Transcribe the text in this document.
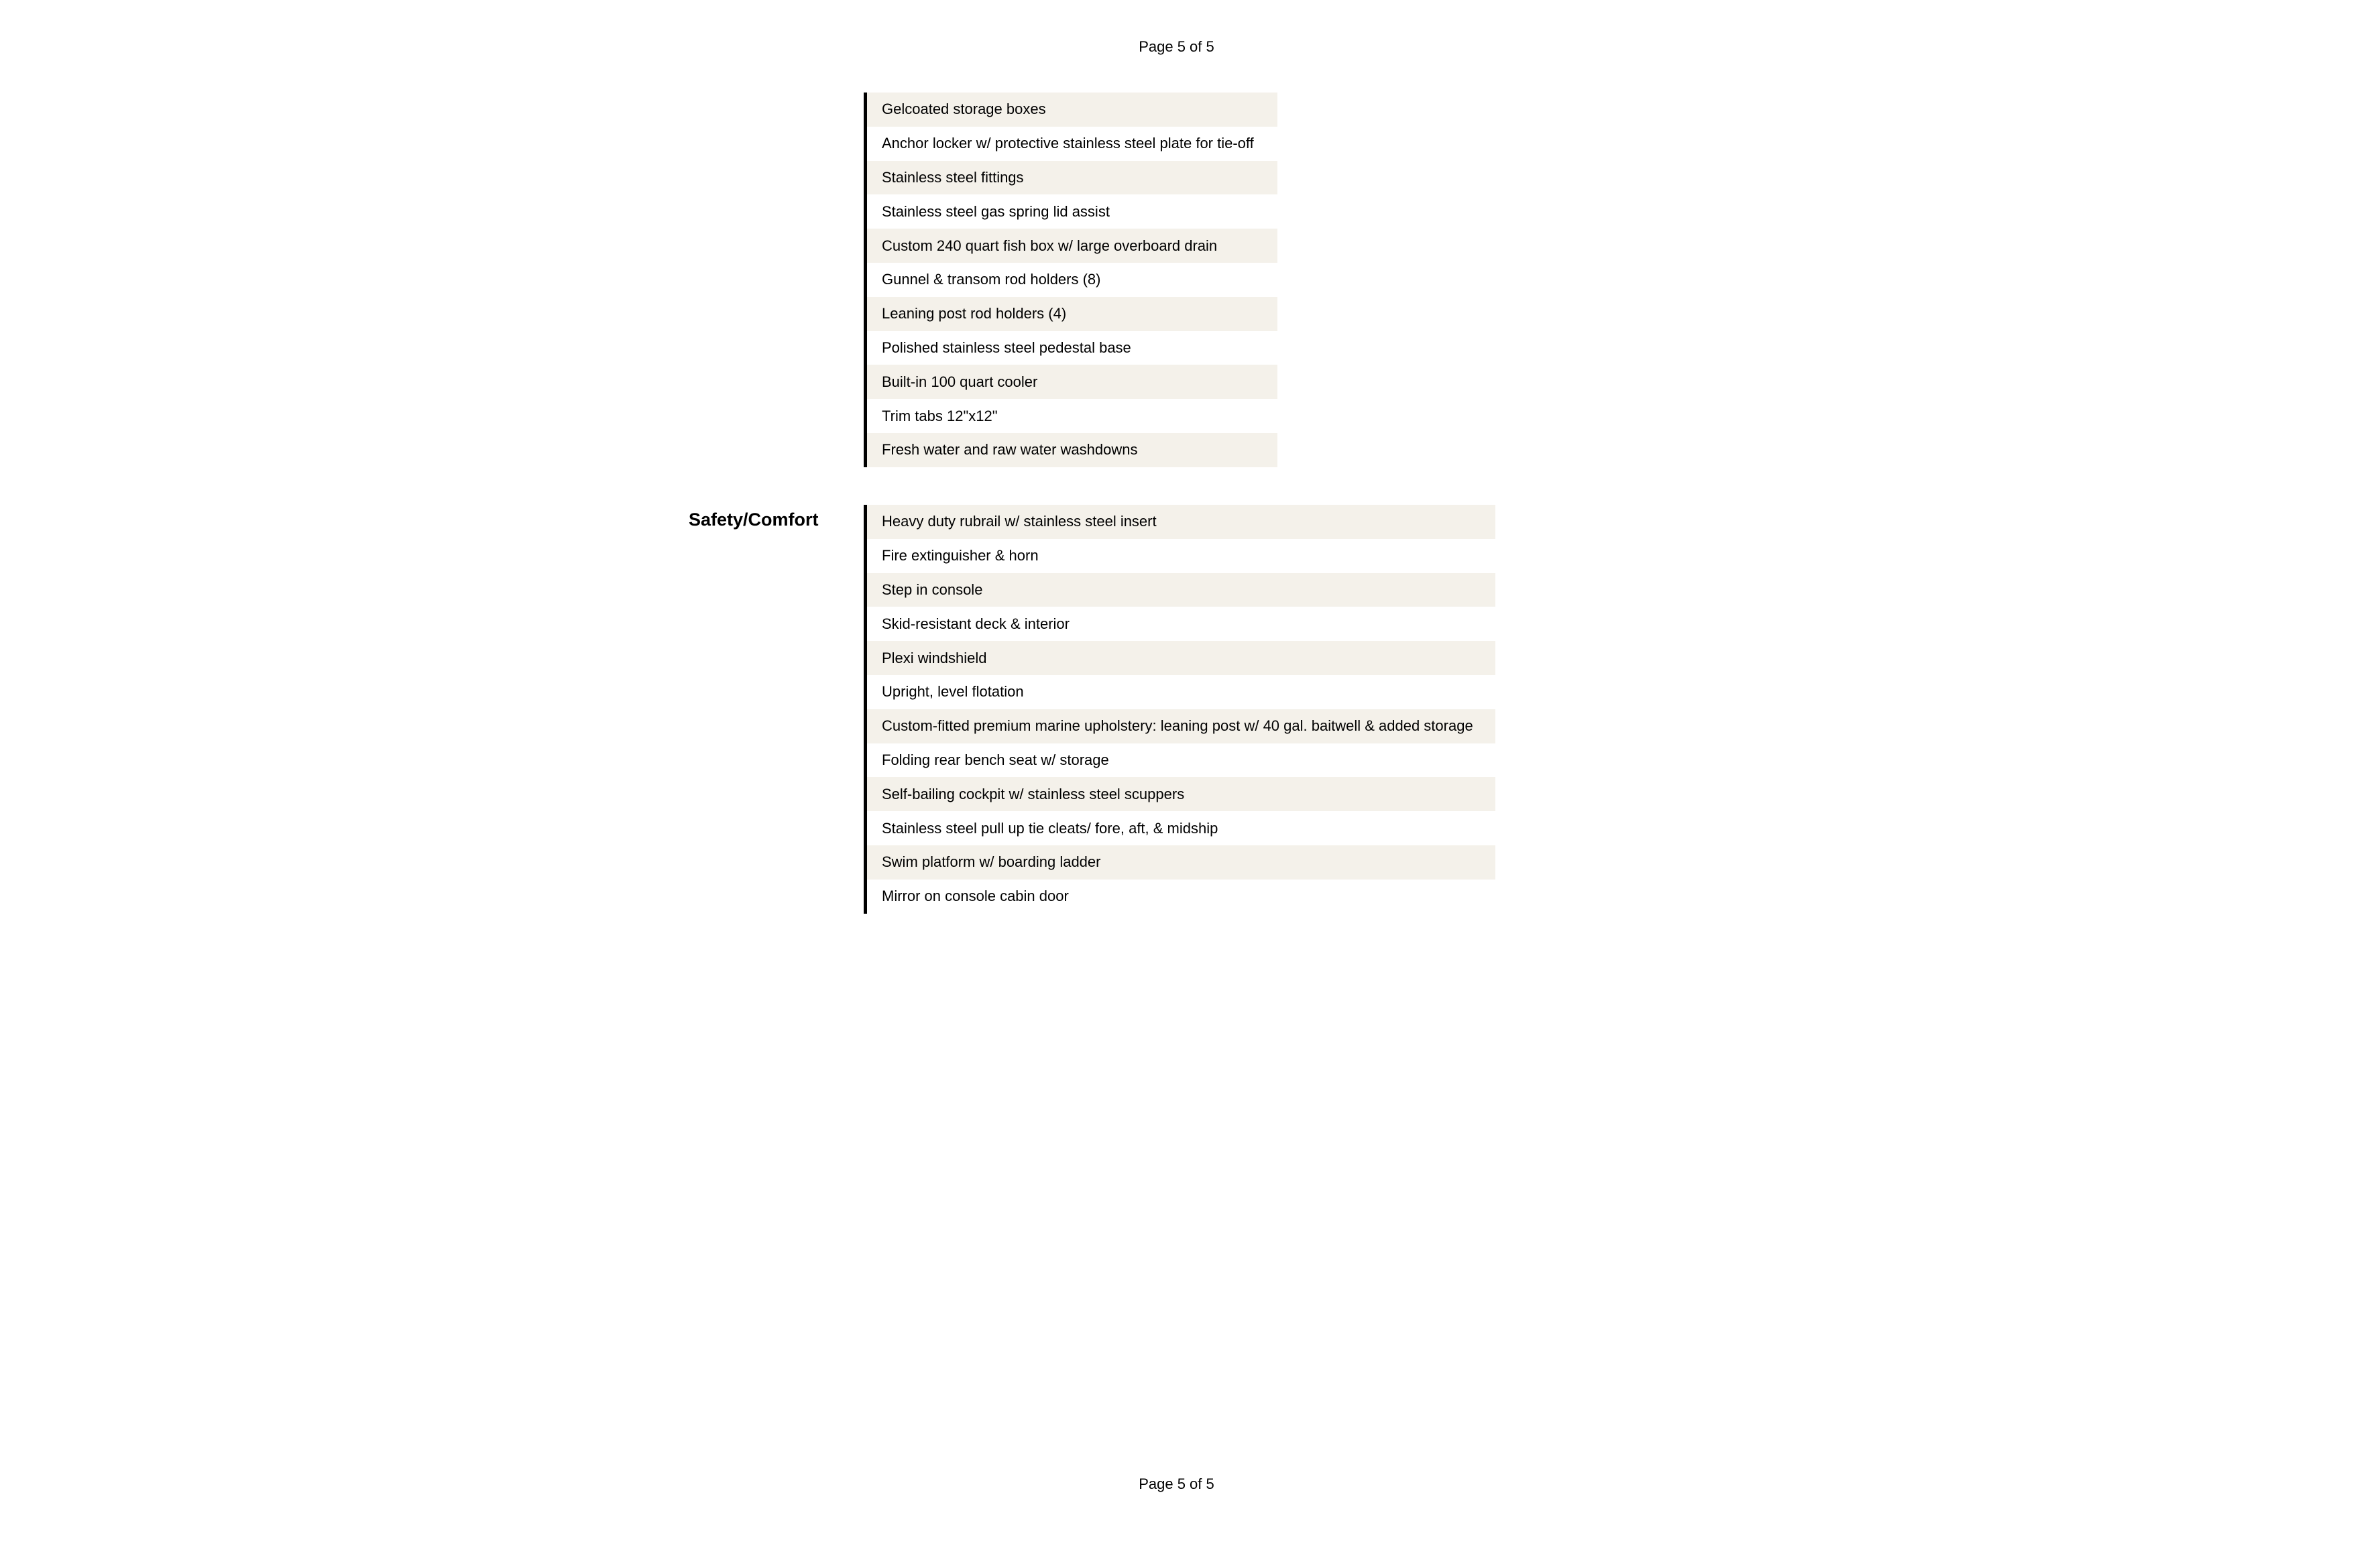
Page 5 of 5
Gelcoated storage boxes
Anchor locker w/ protective stainless steel plate for tie-off
Stainless steel fittings
Stainless steel gas spring lid assist
Custom 240 quart fish box w/ large overboard drain
Gunnel & transom rod holders (8)
Leaning post rod holders (4)
Polished stainless steel pedestal base
Built-in 100 quart cooler
Trim tabs 12"x12"
Fresh water and raw water washdowns
Safety/Comfort	Heavy duty rubrail w/ stainless steel insert
Fire extinguisher & horn
Step in console
Skid-resistant deck & interior
Plexi windshield
Upright, level flotation
Custom-fitted premium marine upholstery: leaning post w/ 40 gal. baitwell & added storage
Folding rear bench seat w/ storage
Self-bailing cockpit w/ stainless steel scuppers
Stainless steel pull up tie cleats/ fore, aft, & midship
Swim platform w/ boarding ladder
Mirror on console cabin door
Page 5 of 5
